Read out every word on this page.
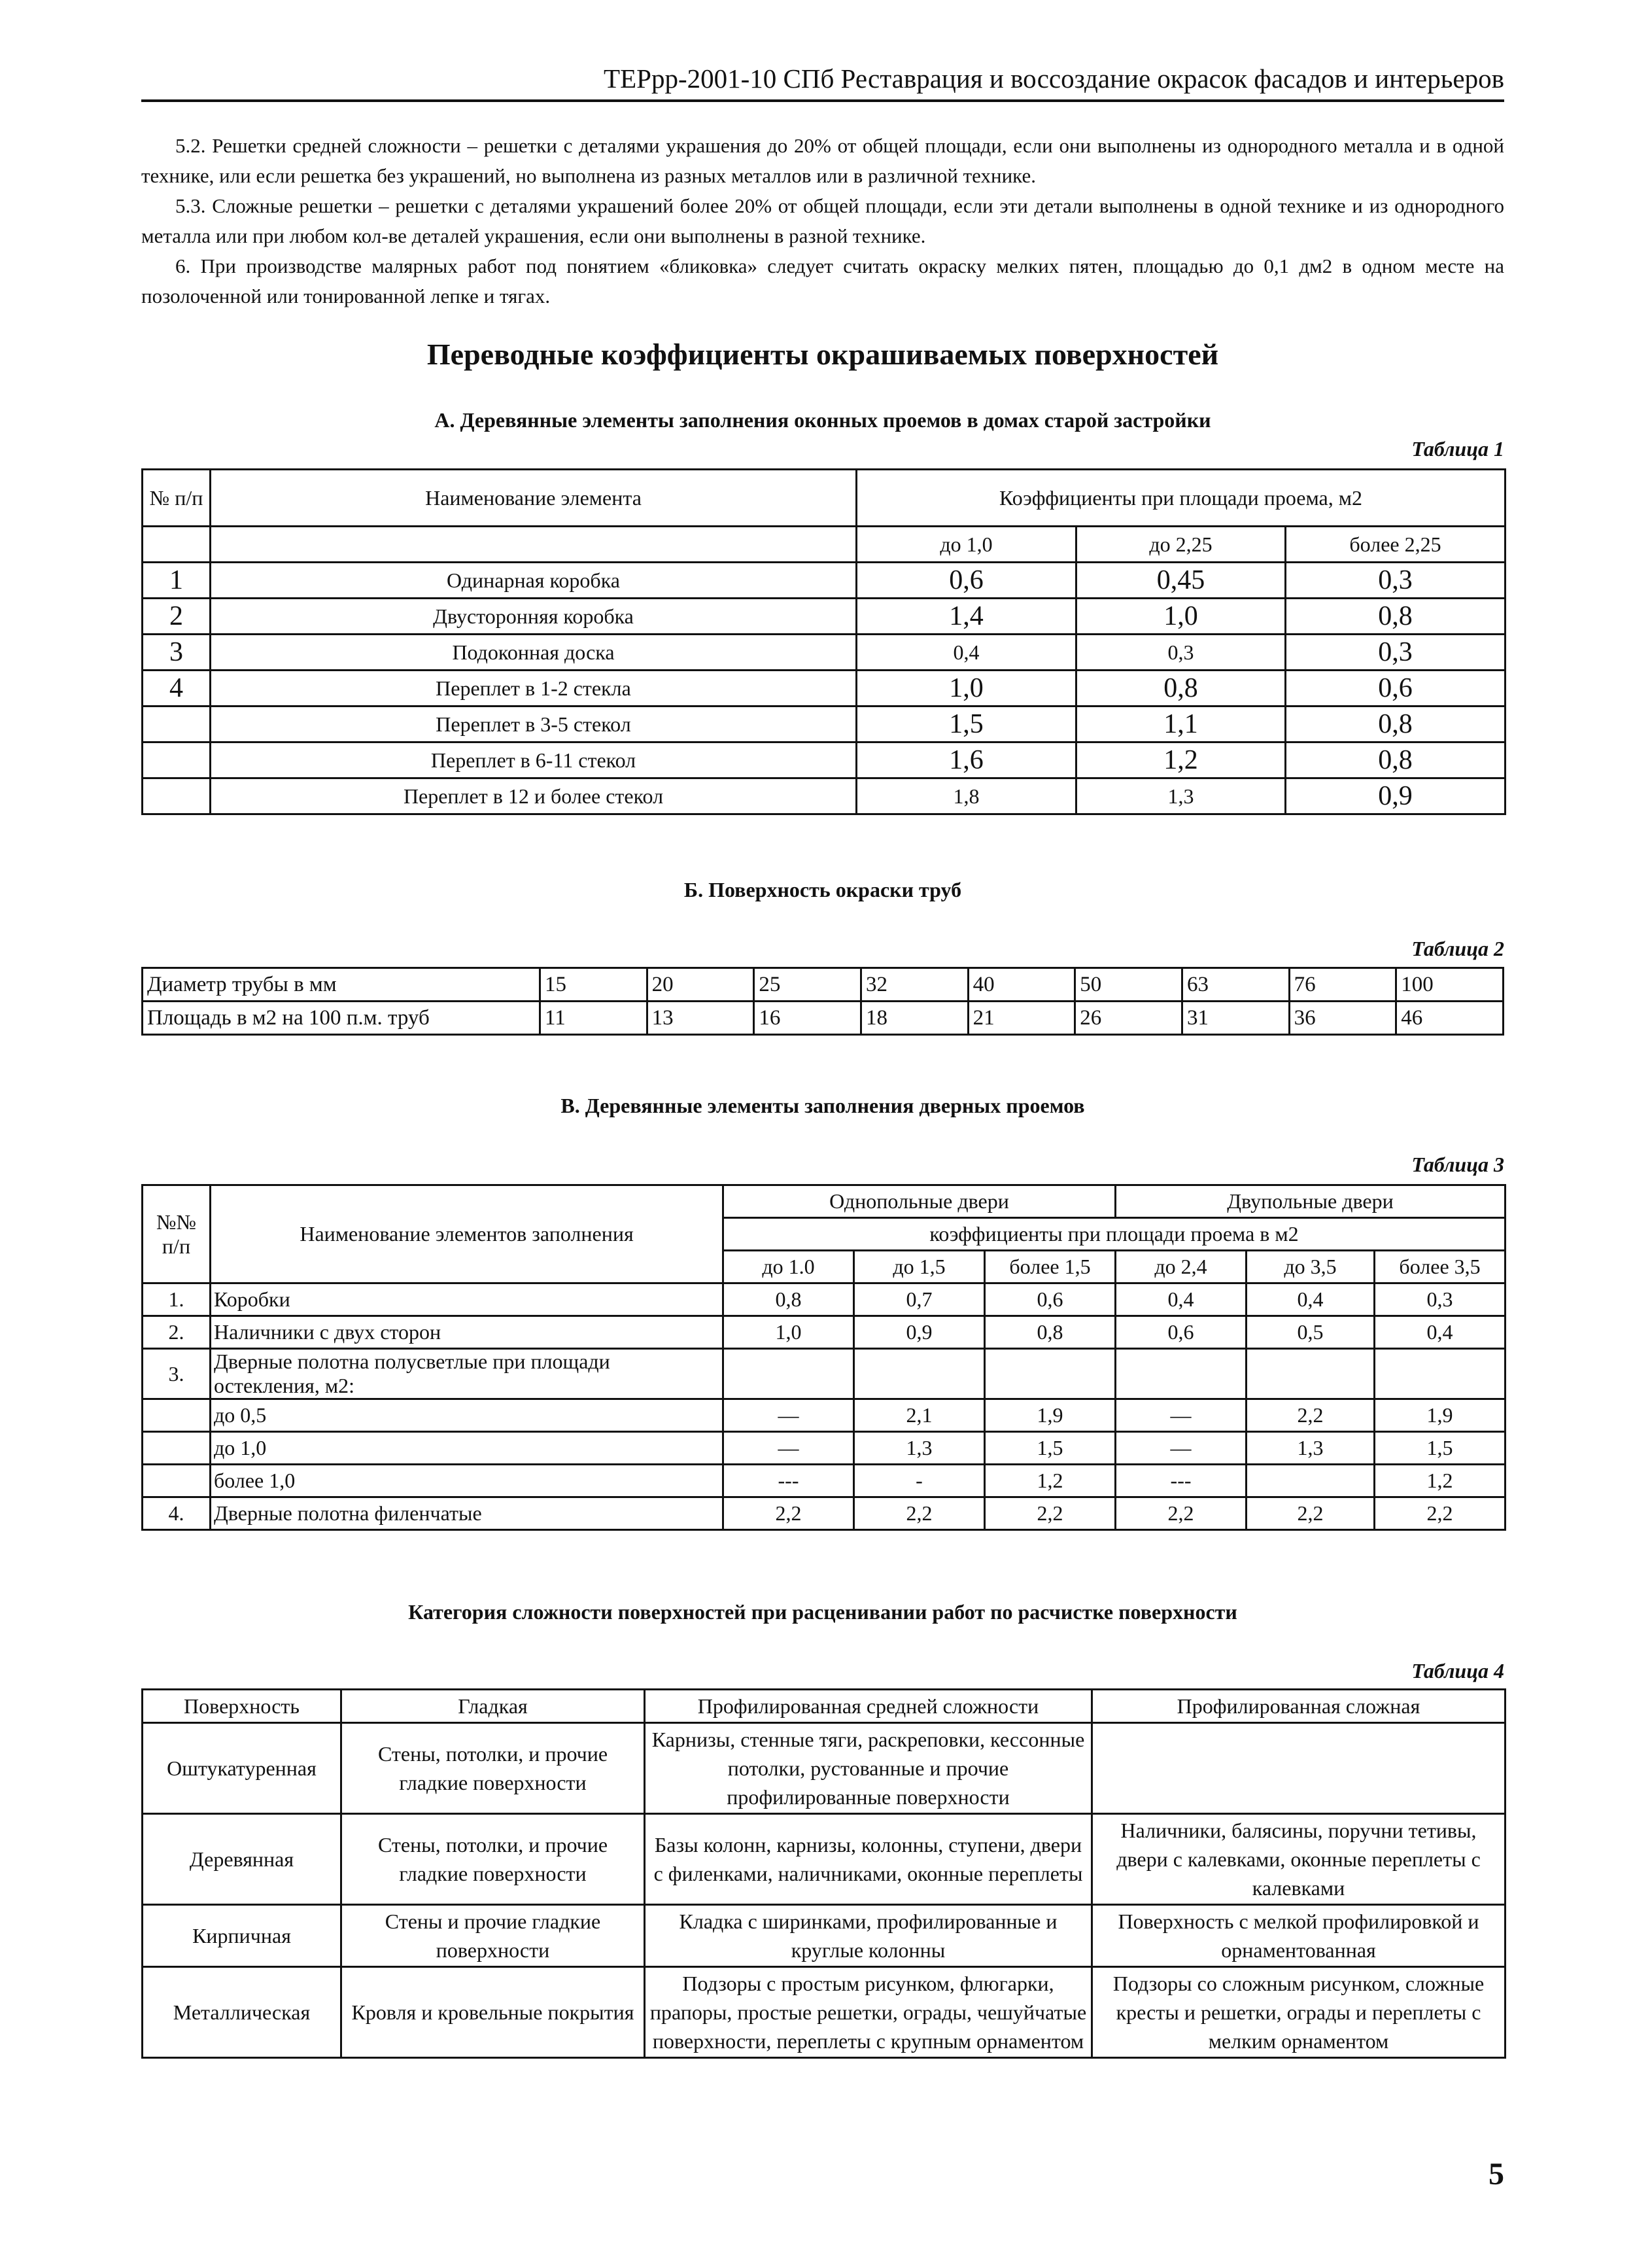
ТЕРрр-2001-10 СПб Реставрация и воссоздание окрасок фасадов и интерьеров

5.2. Решетки средней сложности – решетки с деталями украшения до 20% от общей площади, если они выполнены из однородного металла и в одной технике, или если решетка без украшений, но выполнена из разных металлов или в различной технике.

5.3. Сложные решетки – решетки с деталями украшений более 20% от общей площади, если эти детали выполнены в одной технике и из однородного металла или при любом кол-ве деталей украшения, если они выполнены в разной технике.

6. При производстве малярных работ под понятием «бликовка» следует считать окраску мелких пятен, площадью до 0,1 дм2 в одном месте на позолоченной или тонированной лепке и тягах.

Переводные коэффициенты окрашиваемых поверхностей
А. Деревянные элементы заполнения оконных проемов в домах старой застройки
Таблица 1
№ п/п	Наименование элемента	Коэффициенты при площади проема, м2		
		до 1,0	до 2,25	более 2,25
1	Одинарная коробка	0,6	0,45	0,3
2	Двусторонняя коробка	1,4	1,0	0,8
3	Подоконная доска	0,4	0,3	0,3
4	Переплет в 1-2 стекла	1,0	0,8	0,6
	Переплет в 3-5 стекол	1,5	1,1	0,8
	Переплет в 6-11 стекол	1,6	1,2	0,8
	Переплет в 12 и более стекол	1,8	1,3	0,9
Б. Поверхность окраски труб
Таблица 2
Диаметр трубы в мм	15	20	25	32	40	50	63	76	100
Площадь в м2 на 100 п.м. труб	11	13	16	18	21	26	31	36	46
В. Деревянные элементы заполнения дверных проемов
Таблица 3
№№ п/п	Наименование элементов заполнения	Однопольные двери			Двупольные двери		
		коэффициенты при площади проема в м2					
		до 1.0	до 1,5	более 1,5	до 2,4	до 3,5	более 3,5
1.	Коробки	0,8	0,7	0,6	0,4	0,4	0,3
2.	Наличники с двух сторон	1,0	0,9	0,8	0,6	0,5	0,4
3.	Дверные полотна полусветлые при площади остекления, м2:						
	до 0,5	—	2,1	1,9	—	2,2	1,9
	до 1,0	—	1,3	1,5	—	1,3	1,5
	более 1,0	---	-	1,2	---		1,2
4.	Дверные полотна филенчатые	2,2	2,2	2,2	2,2	2,2	2,2
Категория сложности поверхностей при расценивании работ по расчистке поверхности
Таблица 4
Поверхность	Гладкая	Профилированная средней сложности	Профилированная сложная
Оштукатуренная	Стены, потолки, и прочие гладкие поверхности	Карнизы, стенные тяги, раскреповки, кессонные потолки, рустованные и прочие профилированные поверхности	
Деревянная	Стены, потолки, и прочие гладкие поверхности	Базы колонн, карнизы, колонны, ступени, двери с филенками, наличниками, оконные переплеты	Наличники, балясины, поручни тетивы, двери с калевками, оконные переплеты с калевками
Кирпичная	Стены и прочие гладкие поверхности	Кладка с ширинками, профилированные и круглые колонны	Поверхность с мелкой профилировкой и орнаментованная
Металлическая	Кровля и кровельные покрытия	Подзоры с простым рисунком, флюгарки, прапоры, простые решетки, ограды, чешуйчатые поверхности, переплеты с крупным орнаментом	Подзоры со сложным рисунком, сложные кресты и решетки, ограды и переплеты с мелким орнаментом
5
